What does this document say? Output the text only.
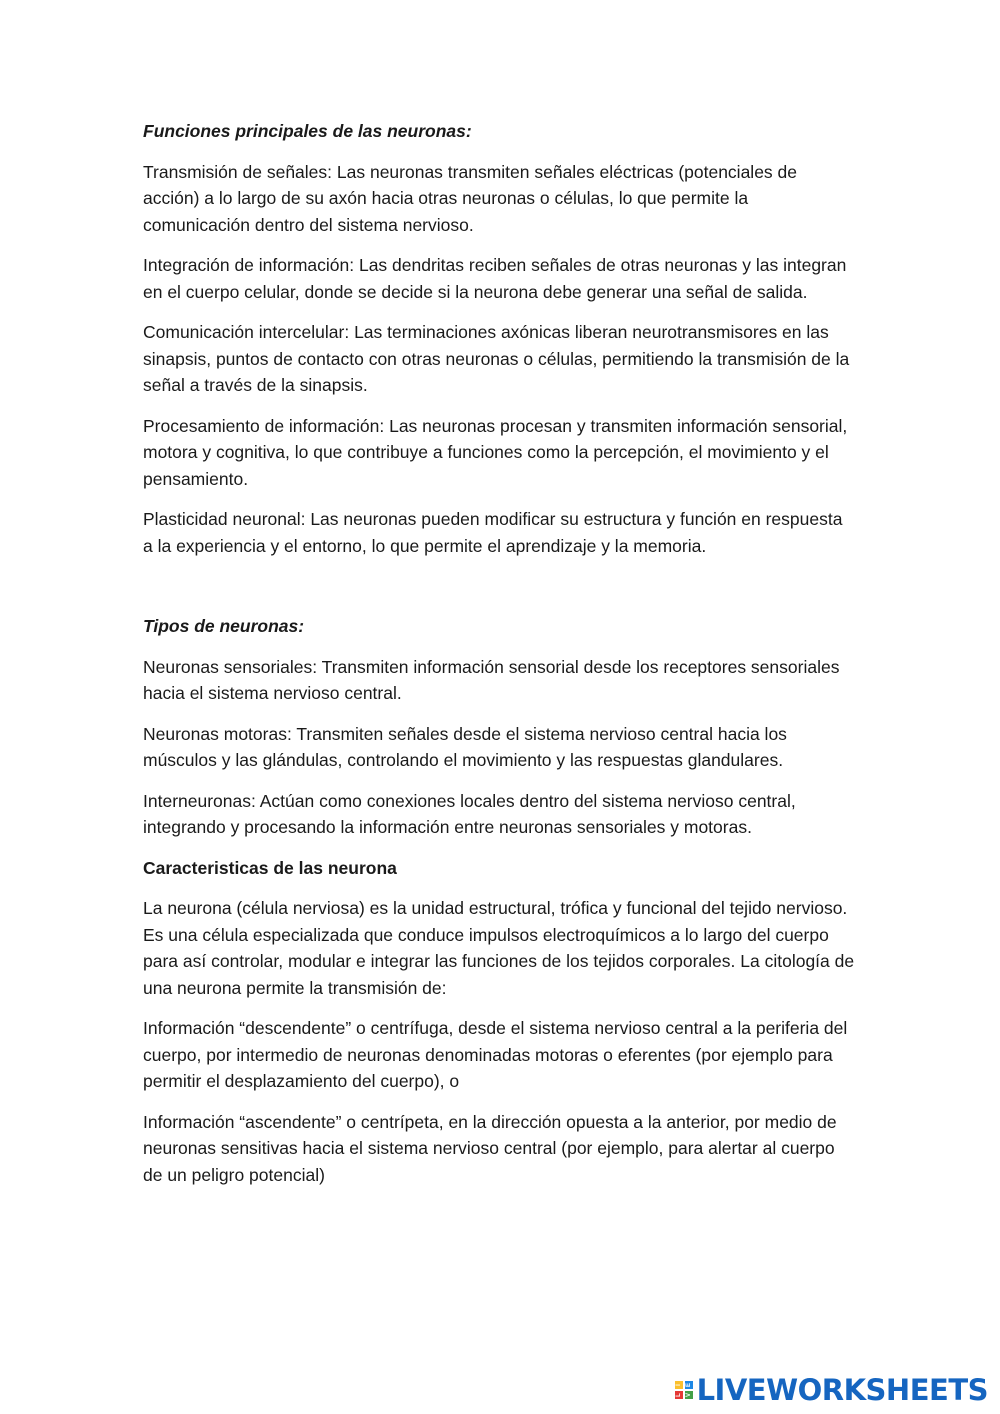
Funciones principales de las neuronas:

Transmisión de señales: Las neuronas transmiten señales eléctricas (potenciales de acción) a lo largo de su axón hacia otras neuronas o células, lo que permite la comunicación dentro del sistema nervioso.

Integración de información: Las dendritas reciben señales de otras neuronas y las integran en el cuerpo celular, donde se decide si la neurona debe generar una señal de salida.

Comunicación intercelular: Las terminaciones axónicas liberan neurotransmisores en las sinapsis, puntos de contacto con otras neuronas o células, permitiendo la transmisión de la señal a través de la sinapsis.

Procesamiento de información: Las neuronas procesan y transmiten información sensorial, motora y cognitiva, lo que contribuye a funciones como la percepción, el movimiento y el pensamiento.

Plasticidad neuronal: Las neuronas pueden modificar su estructura y función en respuesta a la experiencia y el entorno, lo que permite el aprendizaje y la memoria.

Tipos de neuronas:

Neuronas sensoriales: Transmiten información sensorial desde los receptores sensoriales hacia el sistema nervioso central.

Neuronas motoras: Transmiten señales desde el sistema nervioso central hacia los músculos y las glándulas, controlando el movimiento y las respuestas glandulares.

Interneuronas: Actúan como conexiones locales dentro del sistema nervioso central, integrando y procesando la información entre neuronas sensoriales y motoras.

Caracteristicas de las neurona

La neurona (célula nerviosa) es la unidad estructural, trófica y funcional del tejido nervioso. Es una célula especializada que conduce impulsos electroquímicos a lo largo del cuerpo para así controlar, modular e integrar las funciones de los tejidos corporales. La citología de una neurona permite la transmisión de:

Información “descendente” o centrífuga, desde el sistema nervioso central a la periferia del cuerpo, por intermedio de neuronas denominadas motoras o eferentes (por ejemplo para permitir el desplazamiento del cuerpo), o

Información “ascendente” o centrípeta, en la dirección opuesta a la anterior, por medio de neuronas sensitivas hacia el sistema nervioso central (por ejemplo, para alertar al cuerpo de un peligro potencial)

L
I
V
E LIVEWORKSHEETS
